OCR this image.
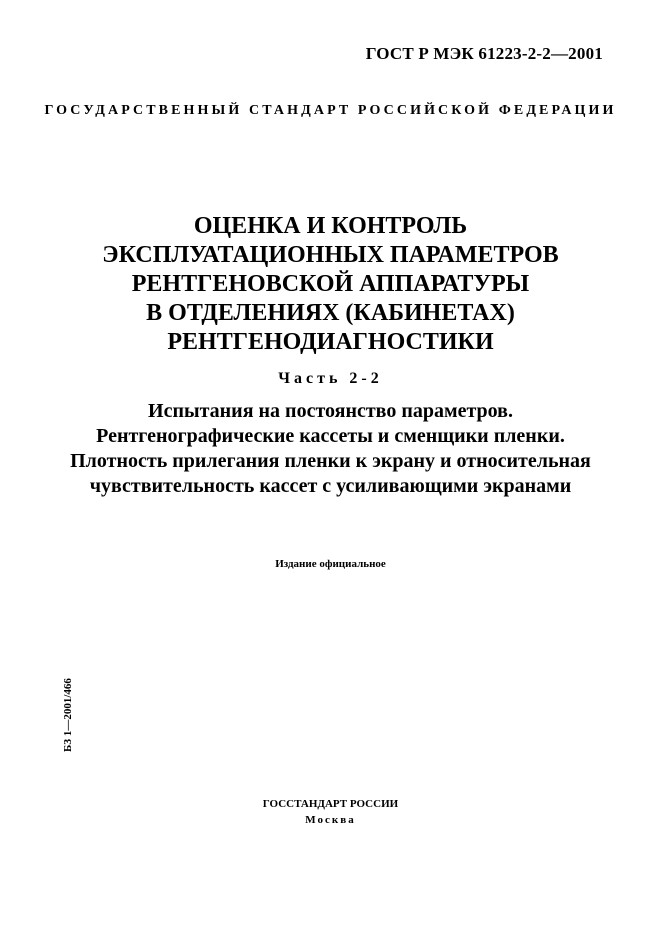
ГОСТ Р МЭК 61223-2-2—2001
ГОСУДАРСТВЕННЫЙ СТАНДАРТ РОССИЙСКОЙ ФЕДЕРАЦИИ
ОЦЕНКА И КОНТРОЛЬ
ЭКСПЛУАТАЦИОННЫХ ПАРАМЕТРОВ
РЕНТГЕНОВСКОЙ АППАРАТУРЫ
В ОТДЕЛЕНИЯХ (КАБИНЕТАХ)
РЕНТГЕНОДИАГНОСТИКИ
Часть 2-2
Испытания на постоянство параметров.
Рентгенографические кассеты и сменщики пленки.
Плотность прилегания пленки к экрану и относительная
чувствительность кассет с усиливающими экранами
Издание официальное
БЗ 1—2001/466
ГОССТАНДАРТ РОССИИ
Москва
